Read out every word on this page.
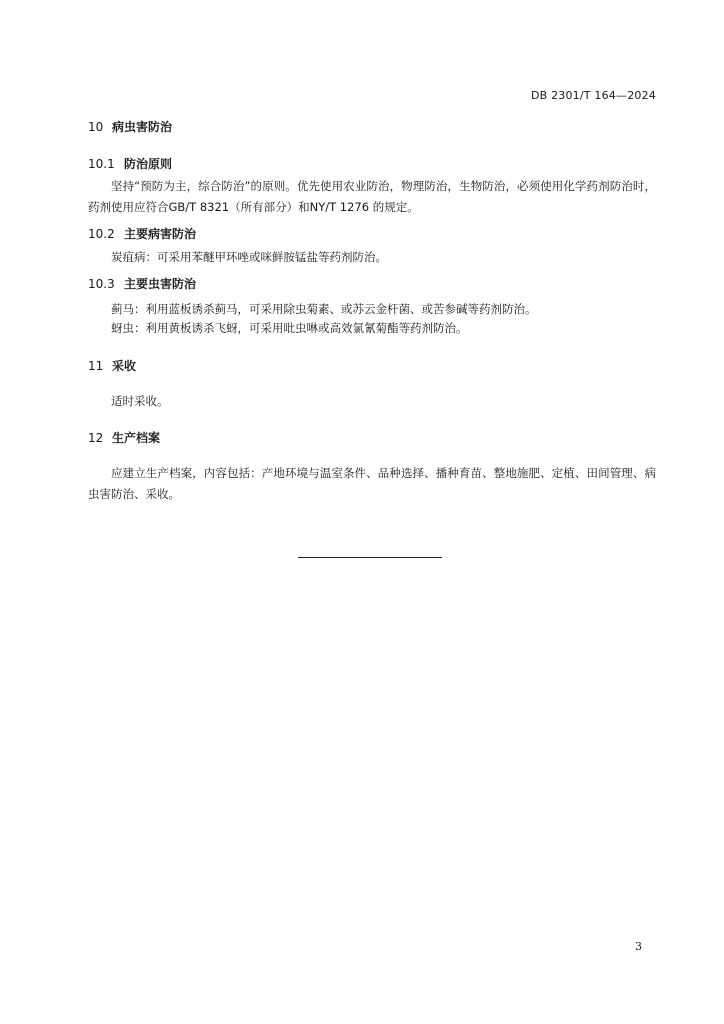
DB 2301/T 164—2024
10 病虫害防治
10.1 防治原则
坚持“预防为主，综合防治”的原则。优先使用农业防治，物理防治，生物防治，必须使用化学药剂防治时，药剂使用应符合GB/T 8321（所有部分）和NY/T 1276 的规定。
10.2 主要病害防治
炭疽病：可采用苯醚甲环唑或咪鲜胺锰盐等药剂防治。
10.3 主要虫害防治
蓟马：利用蓝板诱杀蓟马，可采用除虫菊素、或苏云金杆菌、或苦参碱等药剂防治。
蚜虫：利用黄板诱杀飞蚜，可采用吡虫啉或高效氯氰菊酯等药剂防治。
11 采收
适时采收。
12 生产档案
应建立生产档案，内容包括：产地环境与温室条件、品种选择、播种育苗、整地施肥、定植、田间管理、病虫害防治、采收。
3
